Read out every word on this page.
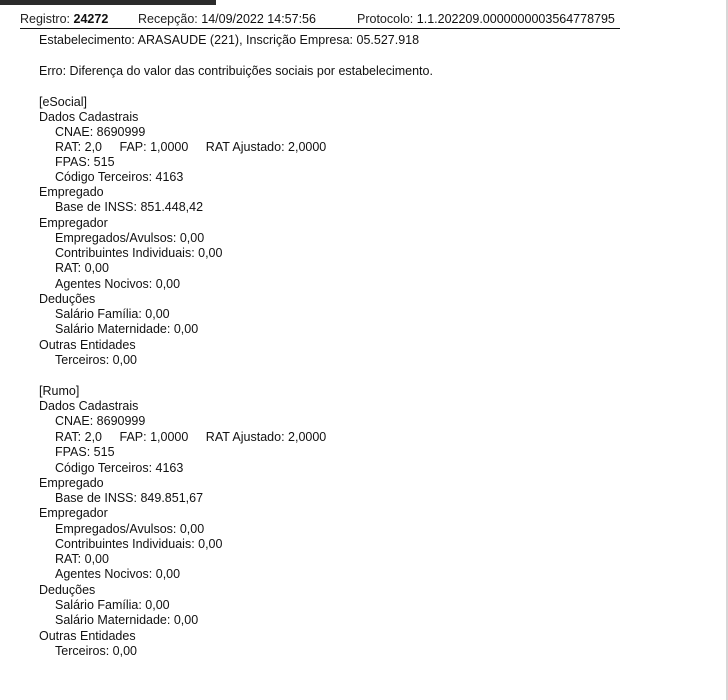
Registro: 24272 Recepção: 14/09/2022 14:57:56	Protocolo: 1.1.202209.0000000003564778795
Estabelecimento: ARASAUDE (221), Inscrição Empresa: 05.527.918
Erro: Diferença do valor das contribuições sociais por estabelecimento.
[eSocial]
Dados Cadastrais
CNAE: 8690999
RAT: 2,0 FAP: 1,0000 RAT Ajustado: 2,0000
FPAS: 515
Código Terceiros: 4163
Empregado
Base de INSS: 851.448,42
Empregador
Empregados/Avulsos: 0,00
Contribuintes Individuais: 0,00
RAT: 0,00
Agentes Nocivos: 0,00
Deduções
Salário Família: 0,00
Salário Maternidade: 0,00
Outras Entidades
Terceiros: 0,00
[Rumo]
Dados Cadastrais
CNAE: 8690999
RAT: 2,0 FAP: 1,0000 RAT Ajustado: 2,0000
FPAS: 515
Código Terceiros: 4163
Empregado
Base de INSS: 849.851,67
Empregador
Empregados/Avulsos: 0,00
Contribuintes Individuais: 0,00
RAT: 0,00
Agentes Nocivos: 0,00
Deduções
Salário Família: 0,00
Salário Maternidade: 0,00
Outras Entidades
Terceiros: 0,00
